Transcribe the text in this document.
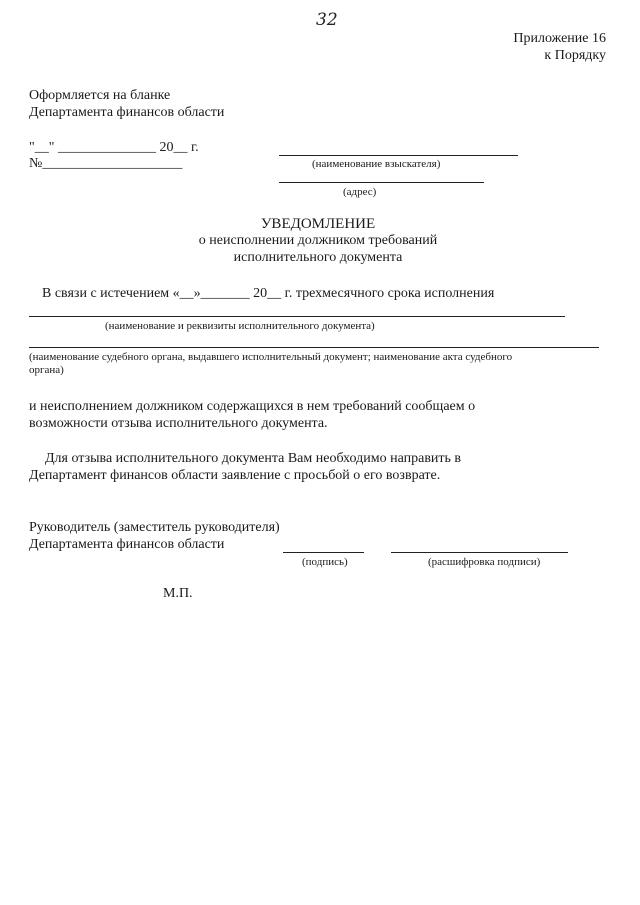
32
Приложение 16
к Порядку
Оформляется на бланке
Департамента финансов области
"__" ______________ 20__ г.
№____________________	(наименование взыскателя)
(адрес)
УВЕДОМЛЕНИЕ
о неисполнении должником требований
исполнительного документа
В связи с истечением «__»_______ 20__ г. трехмесячного срока исполнения
(наименование и реквизиты исполнительного документа)
(наименование судебного органа, выдавшего исполнительный документ; наименование акта судебного
органа)
и неисполнением должником содержащихся в нем требований сообщаем о
возможности отзыва исполнительного документа.
Для отзыва исполнительного документа Вам необходимо направить в
Департамент финансов области заявление с просьбой о его возврате.
Руководитель (заместитель руководителя)
Департамента финансов области
(подпись)	(расшифровка подписи)
М.П.
